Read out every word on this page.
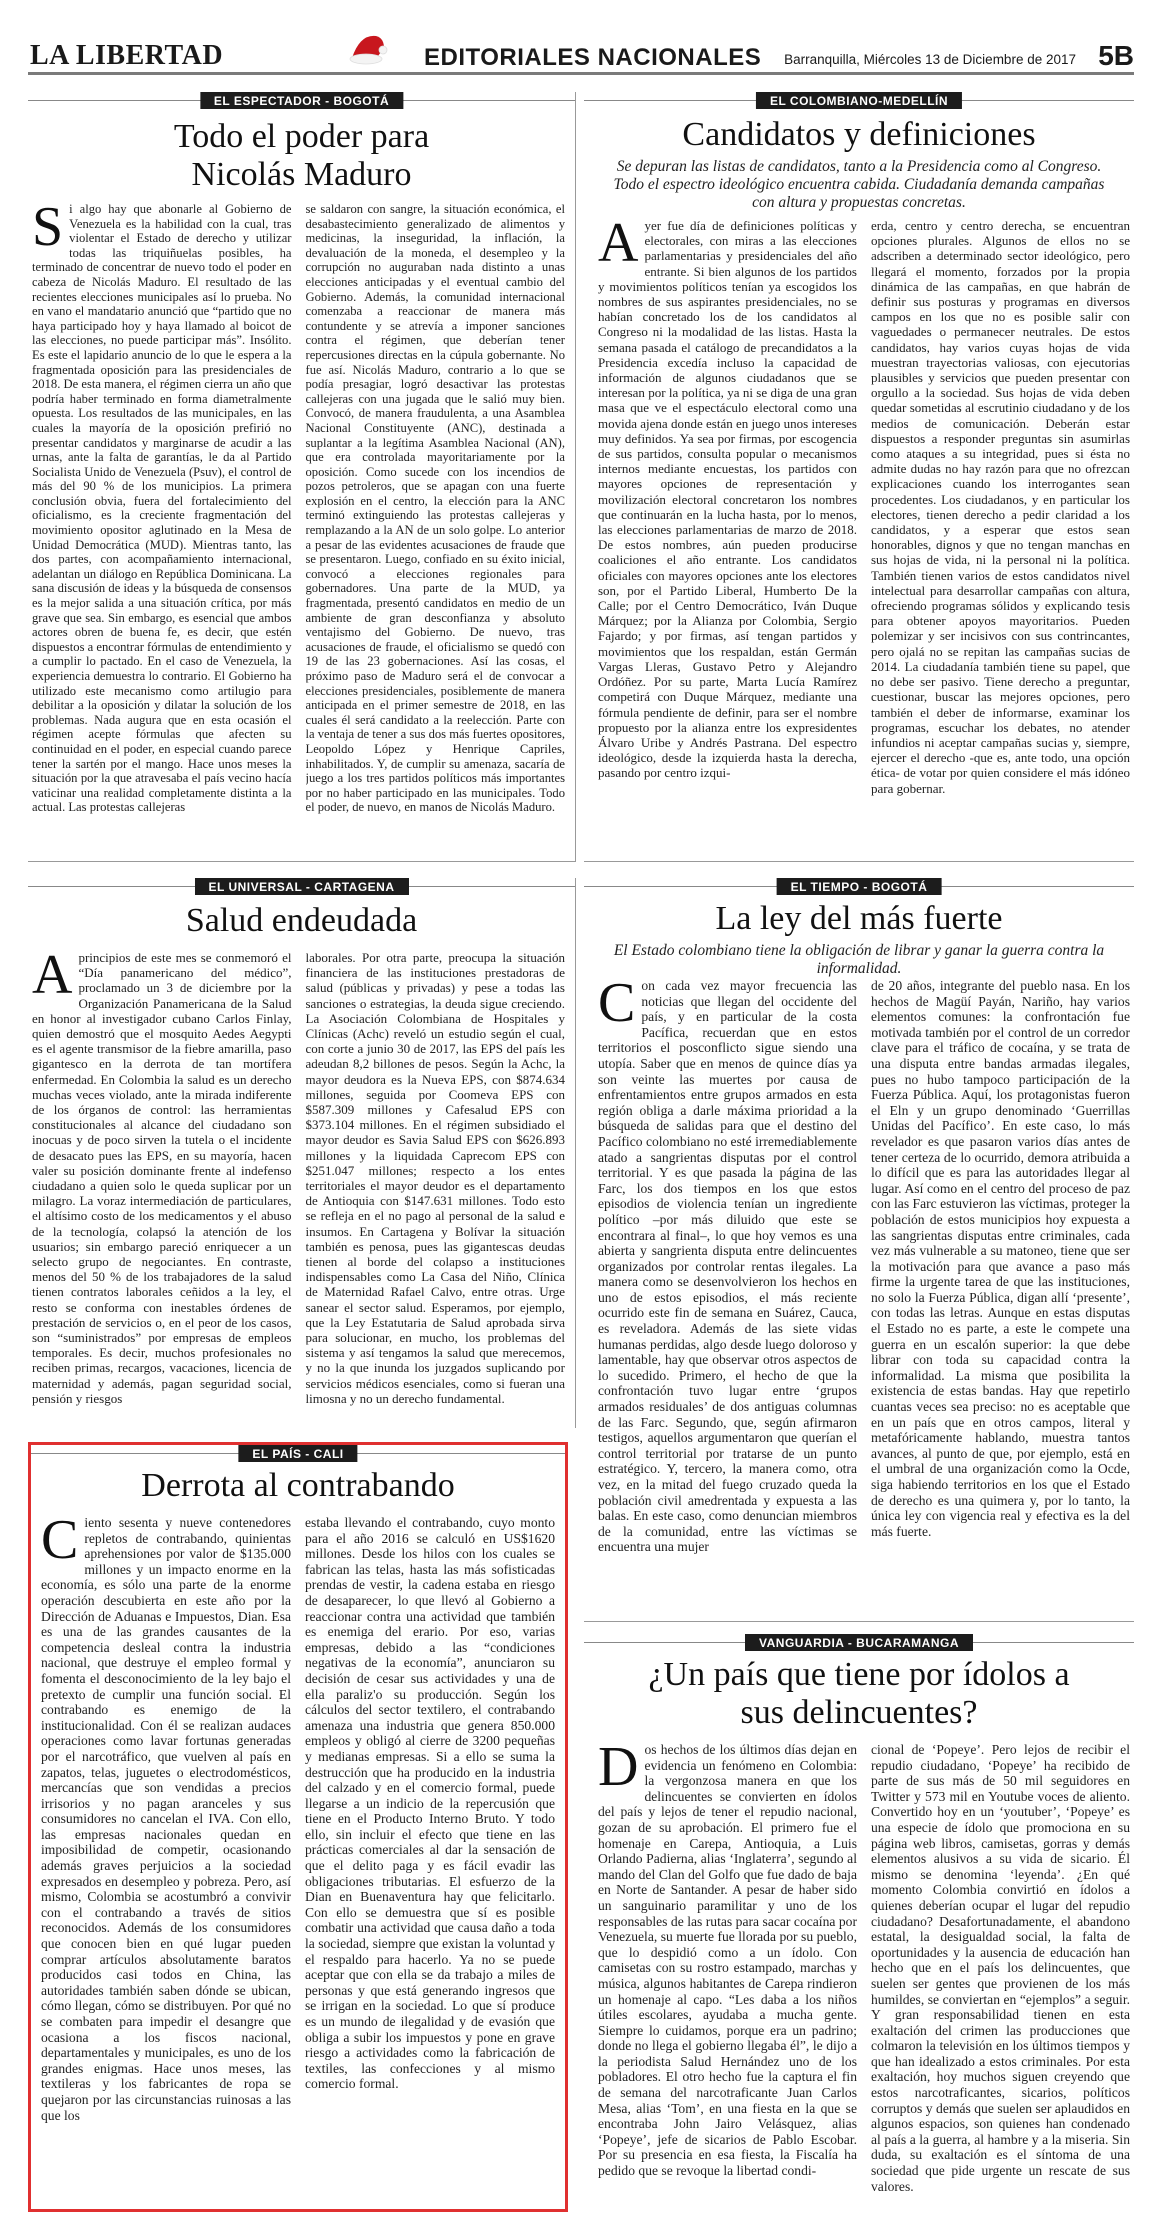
LA LIBERTAD	EDITORIALES NACIONALES Barranquilla, Miércoles 13 de Diciembre de 2017 5B
EL ESPECTADOR - BOGOTÁ
Todo el poder para Nicolás Maduro
Si algo hay que abonarle al Gobierno de Venezuela es la habilidad con la cual, tras violentar el Estado de derecho y utilizar todas las triquiñuelas posibles, ha terminado de concentrar de nuevo todo el poder en cabeza de Nicolás Maduro. El resultado de las recientes elecciones municipales así lo prueba. No en vano el mandatario anunció que “partido que no haya participado hoy y haya llamado al boicot de las elecciones, no puede participar más”. Insólito. Es este el lapidario anuncio de lo que le espera a la fragmentada oposición para las presidenciales de 2018. De esta manera, el régimen cierra un año que podría haber terminado en forma diametralmente opuesta. Los resultados de las municipales, en las cuales la mayoría de la oposición prefirió no presentar candidatos y marginarse de acudir a las urnas, ante la falta de garantías, le da al Partido Socialista Unido de Venezuela (Psuv), el control de más del 90 % de los municipios. La primera conclusión obvia, fuera del fortalecimiento del oficialismo, es la creciente fragmentación del movimiento opositor aglutinado en la Mesa de Unidad Democrática (MUD). Mientras tanto, las dos partes, con acompañamiento internacional, adelantan un diálogo en República Dominicana. La sana discusión de ideas y la búsqueda de consensos es la mejor salida a una situación crítica, por más grave que sea. Sin embargo, es esencial que ambos actores obren de buena fe, es decir, que estén dispuestos a encontrar fórmulas de entendimiento y a cumplir lo pactado. En el caso de Venezuela, la experiencia demuestra lo contrario. El Gobierno ha utilizado este mecanismo como artilugio para debilitar a la oposición y dilatar la solución de los problemas. Nada augura que en esta ocasión el régimen acepte fórmulas que afecten su continuidad en el poder, en especial cuando parece tener la sartén por el mango. Hace unos meses la situación por la que atravesaba el país vecino hacía vaticinar una realidad completamente distinta a la actual. Las protestas callejeras
se saldaron con sangre, la situación económica, el desabastecimiento generalizado de alimentos y medicinas, la inseguridad, la inflación, la devaluación de la moneda, el desempleo y la corrupción no auguraban nada distinto a unas elecciones anticipadas y el eventual cambio del Gobierno. Además, la comunidad internacional comenzaba a reaccionar de manera más contundente y se atrevía a imponer sanciones contra el régimen, que deberían tener repercusiones directas en la cúpula gobernante. No fue así. Nicolás Maduro, contrario a lo que se podía presagiar, logró desactivar las protestas callejeras con una jugada que le salió muy bien. Convocó, de manera fraudulenta, a una Asamblea Nacional Constituyente (ANC), destinada a suplantar a la legítima Asamblea Nacional (AN), que era controlada mayoritariamente por la oposición. Como sucede con los incendios de pozos petroleros, que se apagan con una fuerte explosión en el centro, la elección para la ANC terminó extinguiendo las protestas callejeras y remplazando a la AN de un solo golpe. Lo anterior a pesar de las evidentes acusaciones de fraude que se presentaron. Luego, confiado en su éxito inicial, convocó a elecciones regionales para gobernadores. Una parte de la MUD, ya fragmentada, presentó candidatos en medio de un ambiente de gran desconfianza y absoluto ventajismo del Gobierno. De nuevo, tras acusaciones de fraude, el oficialismo se quedó con 19 de las 23 gobernaciones. Así las cosas, el próximo paso de Maduro será el de convocar a elecciones presidenciales, posiblemente de manera anticipada en el primer semestre de 2018, en las cuales él será candidato a la reelección. Parte con la ventaja de tener a sus dos más fuertes opositores, Leopoldo López y Henrique Capriles, inhabilitados. Y, de cumplir su amenaza, sacaría de juego a los tres partidos políticos más importantes por no haber participado en las municipales. Todo el poder, de nuevo, en manos de Nicolás Maduro.
EL COLOMBIANO-MEDELLÍN
Candidatos y definiciones
Se depuran las listas de candidatos, tanto a la Presidencia como al Congreso. Todo el espectro ideológico encuentra cabida. Ciudadanía demanda campañas con altura y propuestas concretas.
Ayer fue día de definiciones políticas y electorales, con miras a las elecciones parlamentarias y presidenciales del año entrante. Si bien algunos de los partidos y movimientos políticos tenían ya escogidos los nombres de sus aspirantes presidenciales, no se habían concretado los de los candidatos al Congreso ni la modalidad de las listas. Hasta la semana pasada el catálogo de precandidatos a la Presidencia excedía incluso la capacidad de información de algunos ciudadanos que se interesan por la política, ya ni se diga de una gran masa que ve el espectáculo electoral como una movida ajena donde están en juego unos intereses muy definidos. Ya sea por firmas, por escogencia de sus partidos, consulta popular o mecanismos internos mediante encuestas, los partidos con mayores opciones de representación y movilización electoral concretaron los nombres que continuarán en la lucha hasta, por lo menos, las elecciones parlamentarias de marzo de 2018. De estos nombres, aún pueden producirse coaliciones el año entrante. Los candidatos oficiales con mayores opciones ante los electores son, por el Partido Liberal, Humberto De la Calle; por el Centro Democrático, Iván Duque Márquez; por la Alianza por Colombia, Sergio Fajardo; y por firmas, así tengan partidos y movimientos que los respaldan, están Germán Vargas Lleras, Gustavo Petro y Alejandro Ordóñez. Por su parte, Marta Lucía Ramírez competirá con Duque Márquez, mediante una fórmula pendiente de definir, para ser el nombre propuesto por la alianza entre los expresidentes Álvaro Uribe y Andrés Pastrana. Del espectro ideológico, desde la izquierda hasta la derecha, pasando por centro izqui-
erda, centro y centro derecha, se encuentran opciones plurales. Algunos de ellos no se adscriben a determinado sector ideológico, pero llegará el momento, forzados por la propia dinámica de las campañas, en que habrán de definir sus posturas y programas en diversos campos en los que no es posible salir con vaguedades o permanecer neutrales. De estos candidatos, hay varios cuyas hojas de vida muestran trayectorias valiosas, con ejecutorias plausibles y servicios que pueden presentar con orgullo a la sociedad. Sus hojas de vida deben quedar sometidas al escrutinio ciudadano y de los medios de comunicación. Deberán estar dispuestos a responder preguntas sin asumirlas como ataques a su integridad, pues si ésta no admite dudas no hay razón para que no ofrezcan explicaciones cuando los interrogantes sean procedentes. Los ciudadanos, y en particular los electores, tienen derecho a pedir claridad a los candidatos, y a esperar que estos sean honorables, dignos y que no tengan manchas en sus hojas de vida, ni la personal ni la política. También tienen varios de estos candidatos nivel intelectual para desarrollar campañas con altura, ofreciendo programas sólidos y explicando tesis para obtener apoyos mayoritarios. Pueden polemizar y ser incisivos con sus contrincantes, pero ojalá no se repitan las campañas sucias de 2014. La ciudadanía también tiene su papel, que no debe ser pasivo. Tiene derecho a preguntar, cuestionar, buscar las mejores opciones, pero también el deber de informarse, examinar los programas, escuchar los debates, no atender infundios ni aceptar campañas sucias y, siempre, ejercer el derecho -que es, ante todo, una opción ética- de votar por quien considere el más idóneo para gobernar.
EL UNIVERSAL - CARTAGENA
Salud endeudada
Aprincipios de este mes se conmemoró el “Día panamericano del médico”, proclamado un 3 de diciembre por la Organización Panamericana de la Salud en honor al investigador cubano Carlos Finlay, quien demostró que el mosquito Aedes Aegypti es el agente transmisor de la fiebre amarilla, paso gigantesco en la derrota de tan mortífera enfermedad. En Colombia la salud es un derecho muchas veces violado, ante la mirada indiferente de los órganos de control: las herramientas constitucionales al alcance del ciudadano son inocuas y de poco sirven la tutela o el incidente de desacato pues las EPS, en su mayoría, hacen valer su posición dominante frente al indefenso ciudadano a quien solo le queda suplicar por un milagro. La voraz intermediación de particulares, el altísimo costo de los medicamentos y el abuso de la tecnología, colapsó la atención de los usuarios; sin embargo pareció enriquecer a un selecto grupo de negociantes. En contraste, menos del 50 % de los trabajadores de la salud tienen contratos laborales ceñidos a la ley, el resto se conforma con inestables órdenes de prestación de servicios o, en el peor de los casos, son “suministrados” por empresas de empleos temporales. Es decir, muchos profesionales no reciben primas, recargos, vacaciones, licencia de maternidad y además, pagan seguridad social, pensión y riesgos
laborales. Por otra parte, preocupa la situación financiera de las instituciones prestadoras de salud (públicas y privadas) y pese a todas las sanciones o estrategias, la deuda sigue creciendo. La Asociación Colombiana de Hospitales y Clínicas (Achc) reveló un estudio según el cual, con corte a junio 30 de 2017, las EPS del país les adeudan 8,2 billones de pesos. Según la Achc, la mayor deudora es la Nueva EPS, con $874.634 millones, seguida por Coomeva EPS con $587.309 millones y Cafesalud EPS con $373.104 millones. En el régimen subsidiado el mayor deudor es Savia Salud EPS con $626.893 millones y la liquidada Caprecom EPS con $251.047 millones; respecto a los entes territoriales el mayor deudor es el departamento de Antioquia con $147.631 millones. Todo esto se refleja en el no pago al personal de la salud e insumos. En Cartagena y Bolívar la situación también es penosa, pues las gigantescas deudas tienen al borde del colapso a instituciones indispensables como La Casa del Niño, Clínica de Maternidad Rafael Calvo, entre otras. Urge sanear el sector salud. Esperamos, por ejemplo, que la Ley Estatutaria de Salud aprobada sirva para solucionar, en mucho, los problemas del sistema y así tengamos la salud que merecemos, y no la que inunda los juzgados suplicando por servicios médicos esenciales, como si fueran una limosna y no un derecho fundamental.
EL TIEMPO - BOGOTÁ
La ley del más fuerte
El Estado colombiano tiene la obligación de librar y ganar la guerra contra la informalidad.
Con cada vez mayor frecuencia las noticias que llegan del occidente del país, y en particular de la costa Pacífica, recuerdan que en estos territorios el posconflicto sigue siendo una utopía. Saber que en menos de quince días ya son veinte las muertes por causa de enfrentamientos entre grupos armados en esta región obliga a darle máxima prioridad a la búsqueda de salidas para que el destino del Pacífico colombiano no esté irremediablemente atado a sangrientas disputas por el control territorial. Y es que pasada la página de las Farc, los dos tiempos en los que estos episodios de violencia tenían un ingrediente político –por más diluido que este se encontrara al final–, lo que hoy vemos es una abierta y sangrienta disputa entre delincuentes organizados por controlar rentas ilegales. La manera como se desenvolvieron los hechos en uno de estos episodios, el más reciente ocurrido este fin de semana en Suárez, Cauca, es reveladora. Además de las siete vidas humanas perdidas, algo desde luego doloroso y lamentable, hay que observar otros aspectos de lo sucedido. Primero, el hecho de que la confrontación tuvo lugar entre ‘grupos armados residuales’ de dos antiguas columnas de las Farc. Segundo, que, según afirmaron testigos, aquellos argumentaron que querían el control territorial por tratarse de un punto estratégico. Y, tercero, la manera como, otra vez, en la mitad del fuego cruzado queda la población civil amedrentada y expuesta a las balas. En este caso, como denuncian miembros de la comunidad, entre las víctimas se encuentra una mujer
de 20 años, integrante del pueblo nasa. En los hechos de Magüí Payán, Nariño, hay varios elementos comunes: la confrontación fue motivada también por el control de un corredor clave para el tráfico de cocaína, y se trata de una disputa entre bandas armadas ilegales, pues no hubo tampoco participación de la Fuerza Pública. Aquí, los protagonistas fueron el Eln y un grupo denominado ‘Guerrillas Unidas del Pacífico’. En este caso, lo más revelador es que pasaron varios días antes de tener certeza de lo ocurrido, demora atribuida a lo difícil que es para las autoridades llegar al lugar. Así como en el centro del proceso de paz con las Farc estuvieron las víctimas, proteger la población de estos municipios hoy expuesta a las sangrientas disputas entre criminales, cada vez más vulnerable a su matoneo, tiene que ser la motivación para que avance a paso más firme la urgente tarea de que las instituciones, no solo la Fuerza Pública, digan allí ‘presente’, con todas las letras. Aunque en estas disputas el Estado no es parte, a este le compete una guerra en un escalón superior: la que debe librar con toda su capacidad contra la informalidad. La misma que posibilita la existencia de estas bandas. Hay que repetirlo cuantas veces sea preciso: no es aceptable que en un país que en otros campos, literal y metafóricamente hablando, muestra tantos avances, al punto de que, por ejemplo, está en el umbral de una organización como la Ocde, siga habiendo territorios en los que el Estado de derecho es una quimera y, por lo tanto, la única ley con vigencia real y efectiva es la del más fuerte.
EL PAÍS - CALI
Derrota al contrabando
Ciento sesenta y nueve contenedores repletos de contrabando, quinientas aprehensiones por valor de $135.000 millones y un impacto enorme en la economía, es sólo una parte de la enorme operación descubierta en este año por la Dirección de Aduanas e Impuestos, Dian. Esa es una de las grandes causantes de la competencia desleal contra la industria nacional, que destruye el empleo formal y fomenta el desconocimiento de la ley bajo el pretexto de cumplir una función social. El contrabando es enemigo de la institucionalidad. Con él se realizan audaces operaciones como lavar fortunas generadas por el narcotráfico, que vuelven al país en zapatos, telas, juguetes o electrodomésticos, mercancías que son vendidas a precios irrisorios y no pagan aranceles y sus consumidores no cancelan el IVA. Con ello, las empresas nacionales quedan en imposibilidad de competir, ocasionando además graves perjuicios a la sociedad expresados en desempleo y pobreza. Pero, así mismo, Colombia se acostumbró a convivir con el contrabando a través de sitios reconocidos. Además de los consumidores que conocen bien en qué lugar pueden comprar artículos absolutamente baratos producidos casi todos en China, las autoridades también saben dónde se ubican, cómo llegan, cómo se distribuyen. Por qué no se combaten para impedir el desangre que ocasiona a los fiscos nacional, departamentales y municipales, es uno de los grandes enigmas. Hace unos meses, las textileras y los fabricantes de ropa se quejaron por las circunstancias ruinosas a las que los
estaba llevando el contrabando, cuyo monto para el año 2016 se calculó en US$1620 millones. Desde los hilos con los cuales se fabrican las telas, hasta las más sofisticadas prendas de vestir, la cadena estaba en riesgo de desaparecer, lo que llevó al Gobierno a reaccionar contra una actividad que también es enemiga del erario. Por eso, varias empresas, debido a las “condiciones negativas de la economía”, anunciaron su decisión de cesar sus actividades y una de ella paraliz'o su producción. Según los cálculos del sector textilero, el contrabando amenaza una industria que genera 850.000 empleos y obligó al cierre de 3200 pequeñas y medianas empresas. Si a ello se suma la destrucción que ha producido en la industria del calzado y en el comercio formal, puede llegarse a un indicio de la repercusión que tiene en el Producto Interno Bruto. Y todo ello, sin incluir el efecto que tiene en las prácticas comerciales al dar la sensación de que el delito paga y es fácil evadir las obligaciones tributarias. El esfuerzo de la Dian en Buenaventura hay que felicitarlo. Con ello se demuestra que sí es posible combatir una actividad que causa daño a toda la sociedad, siempre que existan la voluntad y el respaldo para hacerlo. Ya no se puede aceptar que con ella se da trabajo a miles de personas y que está generando ingresos que se irrigan en la sociedad. Lo que sí produce es un mundo de ilegalidad y de evasión que obliga a subir los impuestos y pone en grave riesgo a actividades como la fabricación de textiles, las confecciones y al mismo comercio formal.
VANGUARDIA - BUCARAMANGA
¿Un país que tiene por ídolos a sus delincuentes?
Dos hechos de los últimos días dejan en evidencia un fenómeno en Colombia: la vergonzosa manera en que los delincuentes se convierten en ídolos del país y lejos de tener el repudio nacional, gozan de su aprobación. El primero fue el homenaje en Carepa, Antioquia, a Luis Orlando Padierna, alias ‘Inglaterra’, segundo al mando del Clan del Golfo que fue dado de baja en Norte de Santander. A pesar de haber sido un sanguinario paramilitar y uno de los responsables de las rutas para sacar cocaína por Venezuela, su muerte fue llorada por su pueblo, que lo despidió como a un ídolo. Con camisetas con su rostro estampado, marchas y música, algunos habitantes de Carepa rindieron un homenaje al capo. “Les daba a los niños útiles escolares, ayudaba a mucha gente. Siempre lo cuidamos, porque era un padrino; donde no llega el gobierno llegaba él”, le dijo a la periodista Salud Hernández uno de los pobladores. El otro hecho fue la captura el fin de semana del narcotraficante Juan Carlos Mesa, alias ‘Tom’, en una fiesta en la que se encontraba John Jairo Velásquez, alias ‘Popeye’, jefe de sicarios de Pablo Escobar. Por su presencia en esa fiesta, la Fiscalía ha pedido que se revoque la libertad condi-
cional de ‘Popeye’. Pero lejos de recibir el repudio ciudadano, ‘Popeye’ ha recibido de parte de sus más de 50 mil seguidores en Twitter y 573 mil en Youtube voces de aliento. Convertido hoy en un ‘youtuber’, ‘Popeye’ es una especie de ídolo que promociona en su página web libros, camisetas, gorras y demás elementos alusivos a su vida de sicario. Él mismo se denomina ‘leyenda’. ¿En qué momento Colombia convirtió en ídolos a quienes deberían ocupar el lugar del repudio ciudadano? Desafortunadamente, el abandono estatal, la desigualdad social, la falta de oportunidades y la ausencia de educación han hecho que en el país los delincuentes, que suelen ser gentes que provienen de los más humildes, se conviertan en “ejemplos” a seguir. Y gran responsabilidad tienen en esta exaltación del crimen las producciones que colmaron la televisión en los últimos tiempos y que han idealizado a estos criminales. Por esta exaltación, hoy muchos siguen creyendo que estos narcotraficantes, sicarios, políticos corruptos y demás que suelen ser aplaudidos en algunos espacios, son quienes han condenado al país a la guerra, al hambre y a la miseria. Sin duda, su exaltación es el síntoma de una sociedad que pide urgente un rescate de sus valores.
